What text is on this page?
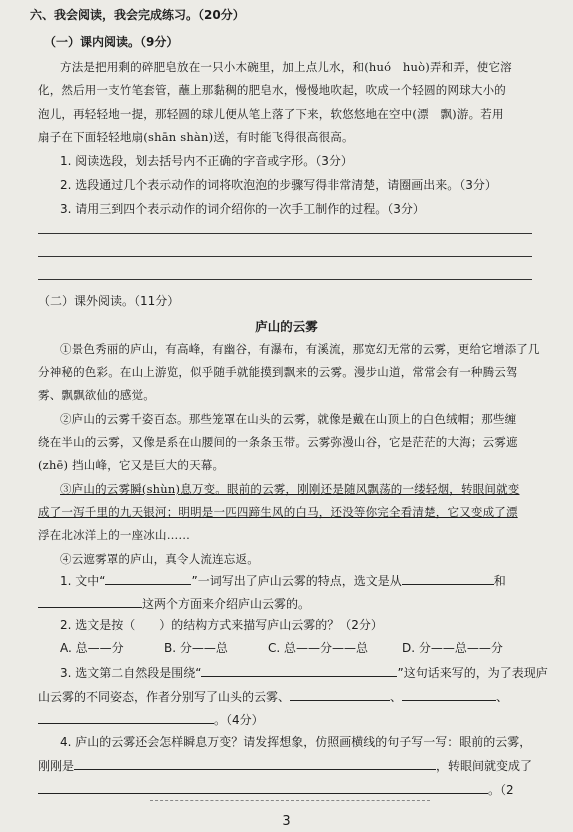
六、我会阅读，我会完成练习。（20分）
（一）课内阅读。（9分）
方法是把用剩的碎肥皂放在一只小木碗里，加上点儿水，和(huó　huò)弄和弄，使它溶
化，然后用一支竹笔套管，蘸上那黏稠的肥皂水，慢慢地吹起，吹成一个轻圆的网球大小的
泡儿，再轻轻地一提，那轻圆的球儿便从笔上落了下来，软悠悠地在空中(漂　飘)游。若用
扇子在下面轻轻地扇(shān shàn)送，有时能飞得很高很高。
1. 阅读选段，划去括号内不正确的字音或字形。（3分）
2. 选段通过几个表示动作的词将吹泡泡的步骤写得非常清楚，请圈画出来。（3分）
3. 请用三到四个表示动作的词介绍你的一次手工制作的过程。（3分）
（二）课外阅读。（11分）
庐山的云雾
①景色秀丽的庐山，有高峰，有幽谷，有瀑布，有溪流，那宽幻无常的云雾，更给它增添了几
分神秘的色彩。在山上游览，似乎随手就能摸到飘来的云雾。漫步山道，常常会有一种腾云驾
雾、飘飘欲仙的感觉。
②庐山的云雾千姿百态。那些笼罩在山头的云雾，就像是戴在山顶上的白色绒帽；那些缠
绕在半山的云雾，又像是系在山腰间的一条条玉带。云雾弥漫山谷，它是茫茫的大海；云雾遮
(zhē) 挡山峰，它又是巨大的天幕。
③庐山的云雾瞬(shùn)息万变。眼前的云雾，刚刚还是随风飘荡的一缕轻烟，转眼间就变
成了一泻千里的九天银河；明明是一匹四蹄生风的白马，还没等你完全看清楚，它又变成了漂
浮在北冰洋上的一座冰山……
④云遮雾罩的庐山，真令人流连忘返。
1. 文中“	”一词写出了庐山云雾的特点，选文是从	和
这两个方面来介绍庐山云雾的。
2. 选文是按（　　）的结构方式来描写庐山云雾的？（2分）
A. 总——分	B. 分——总	C. 总——分——总	D. 分——总——分
3. 选文第二自然段是围绕“	”这句话来写的，为了表现庐
山云雾的不同姿态，作者分别写了山头的云雾、	、	、
。（4分）
4. 庐山的云雾还会怎样瞬息万变？请发挥想象，仿照画横线的句子写一写：眼前的云雾，
刚刚是	，转眼间就变成了
。（2
3
